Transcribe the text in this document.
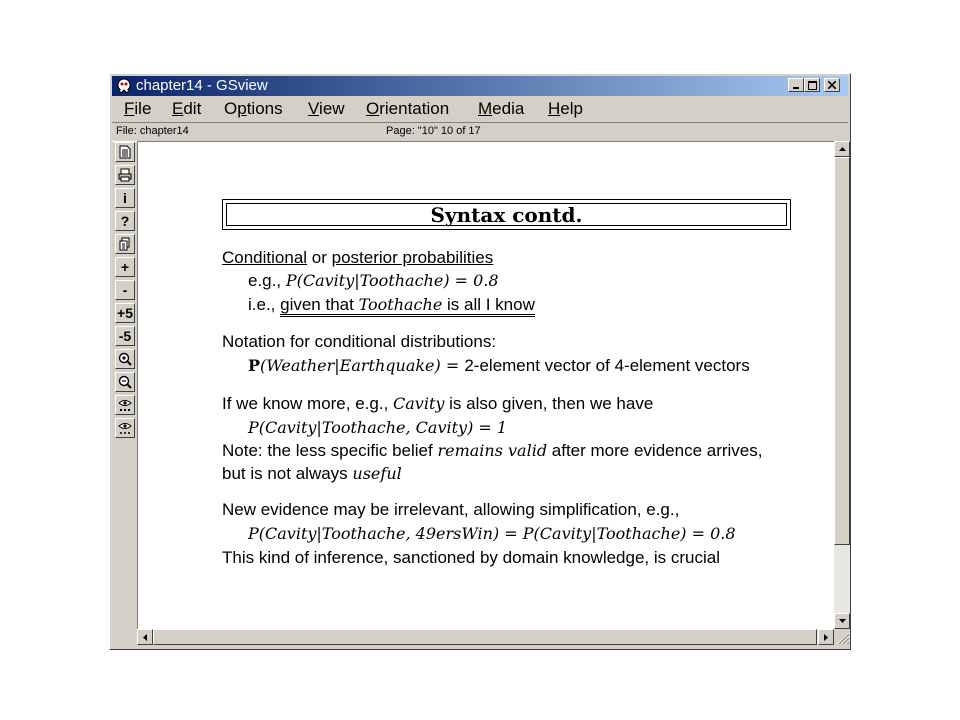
chapter14 - GSview
File Edit Options View Orientation Media Help
File: chapter14	Page: "10" 10 of 17
i
?
+
-
+5
-5
Syntax contd.
Conditional or posterior probabilities
e.g., P(Cavity|Toothache) = 0.8
i.e., given that Toothache is all I know
Notation for conditional distributions:
P(Weather|Earthquake) = 2-element vector of 4-element vectors
If we know more, e.g., Cavity is also given, then we have
P(Cavity|Toothache, Cavity) = 1
Note: the less specific belief remains valid after more evidence arrives,
but is not always useful
New evidence may be irrelevant, allowing simplification, e.g.,
P(Cavity|Toothache, 49ersWin) = P(Cavity|Toothache) = 0.8
This kind of inference, sanctioned by domain knowledge, is crucial
